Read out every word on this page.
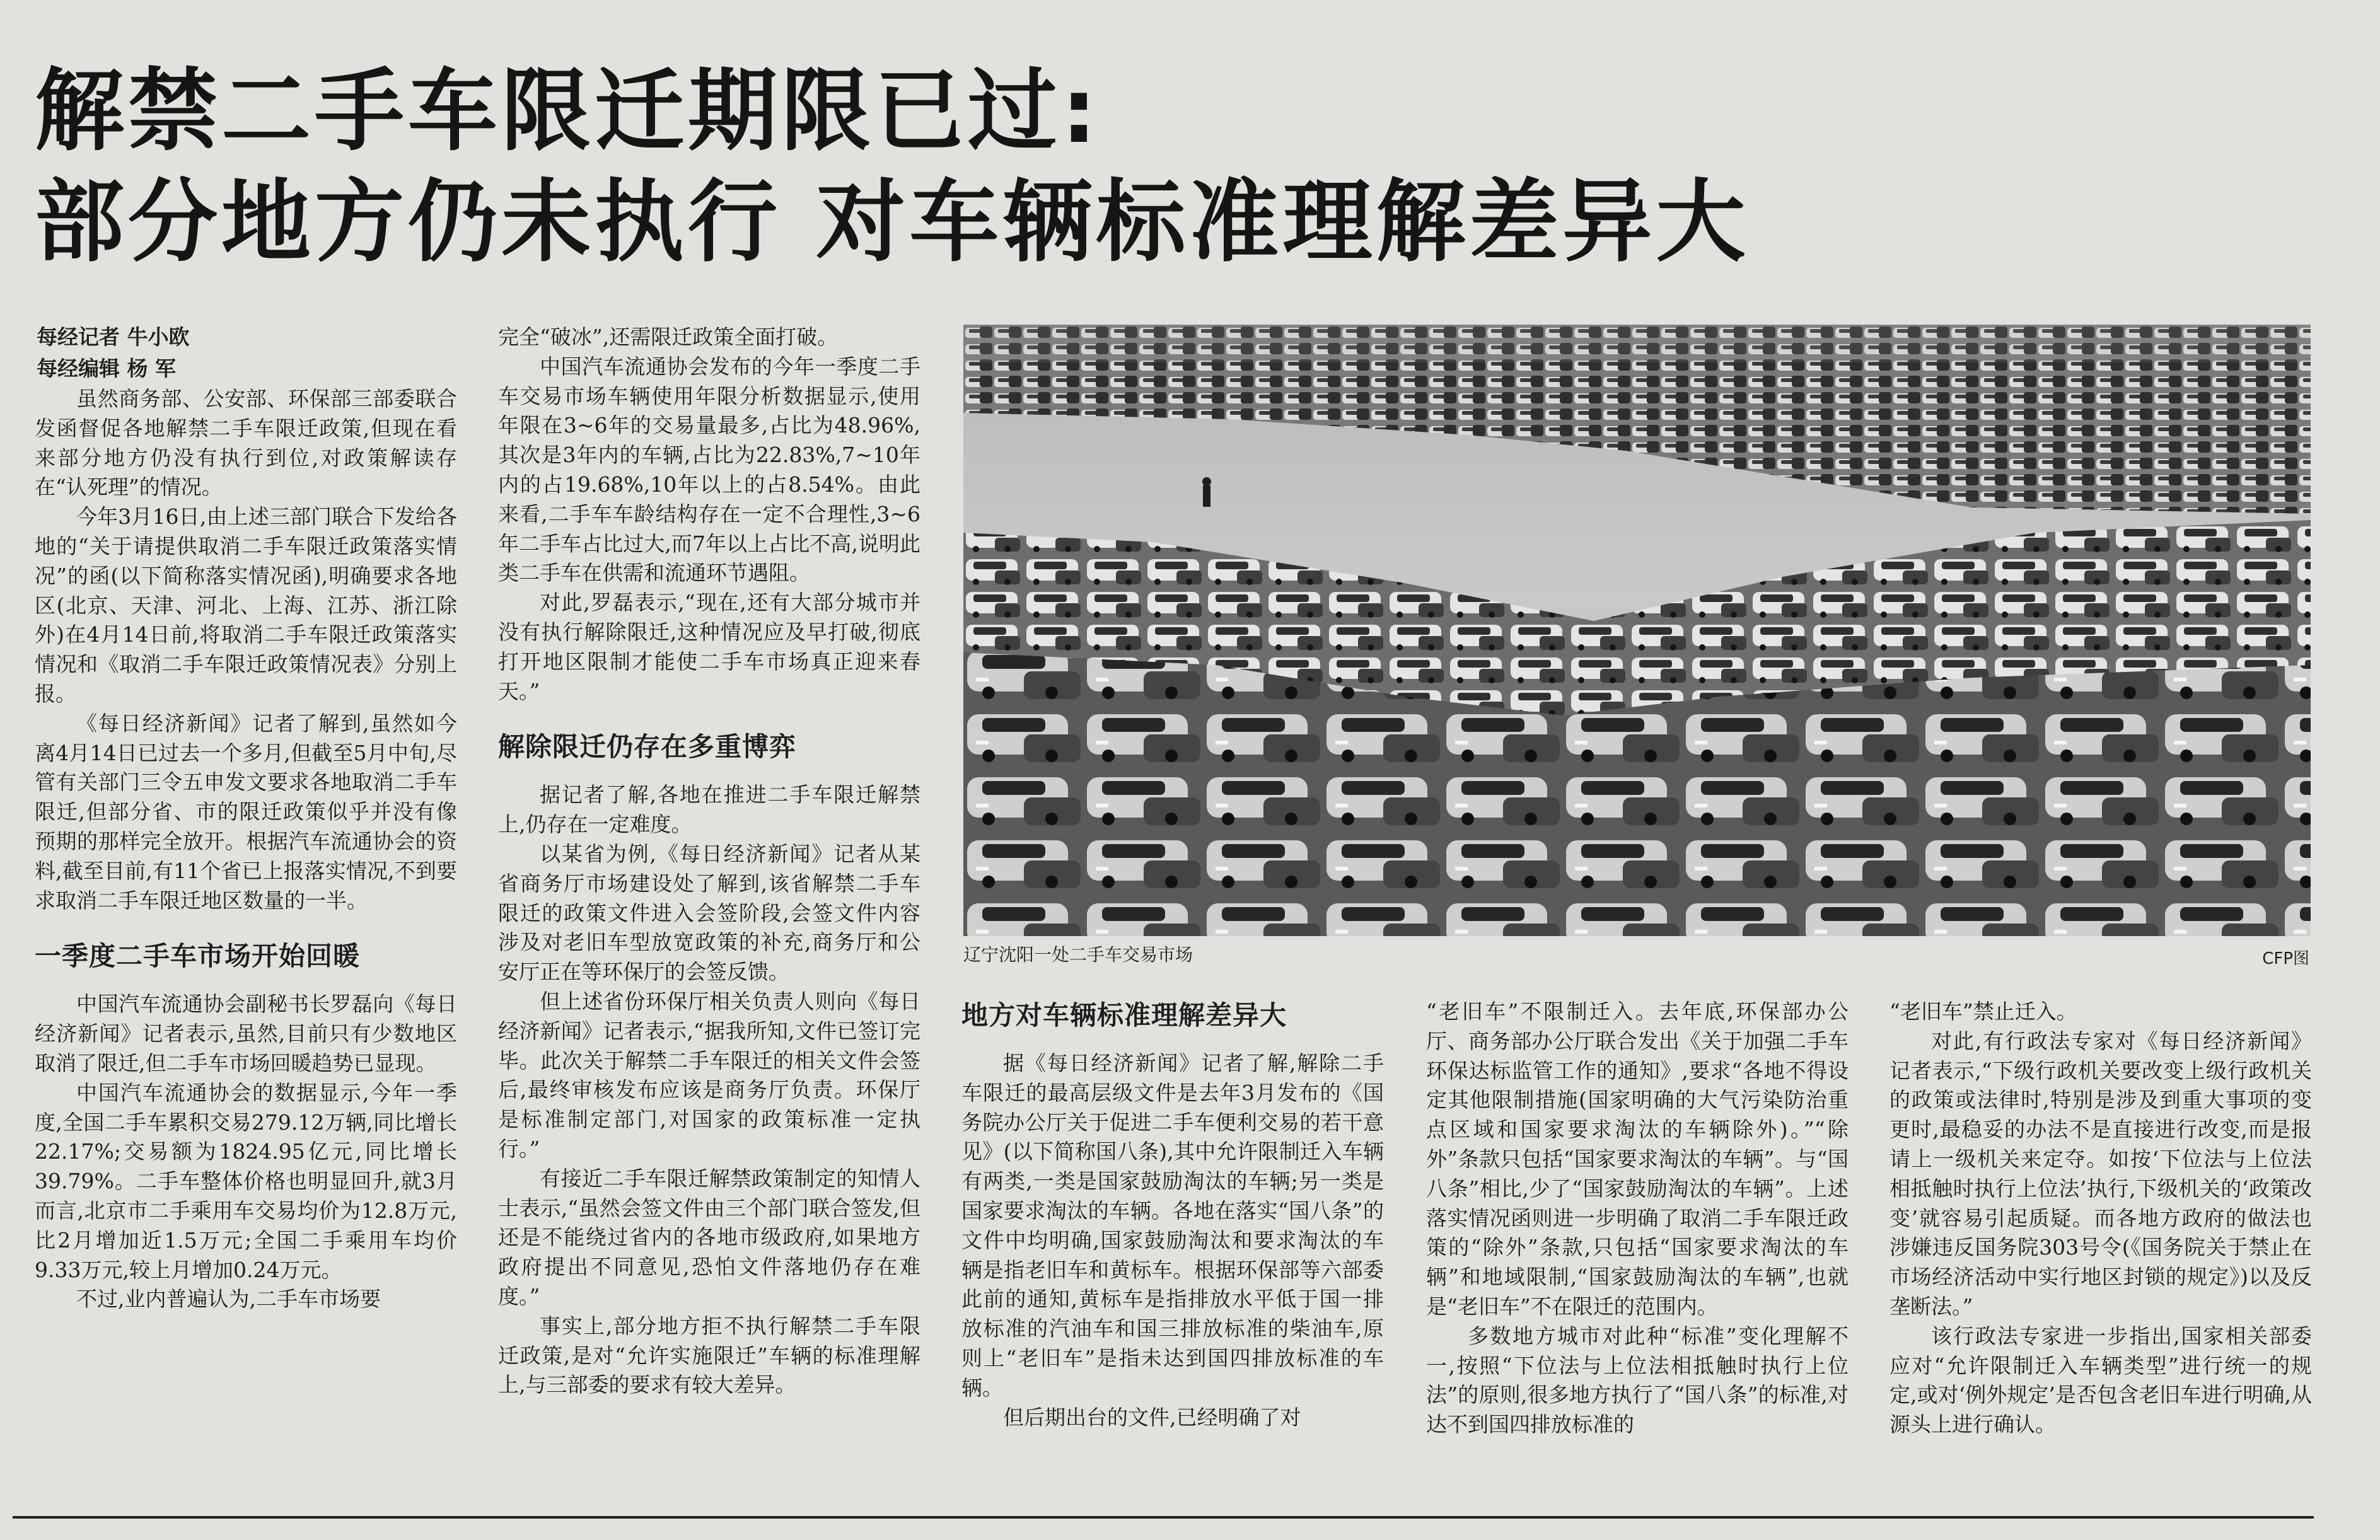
解禁二手车限迁期限已过:
部分地方仍未执行 对车辆标准理解差异大
每经记者 牛小欧
每经编辑 杨 军

虽然商务部、公安部、环保部三部委联合发函督促各地解禁二手车限迁政策,但现在看来部分地方仍没有执行到位,对政策解读存在“认死理”的情况。

今年3月16日,由上述三部门联合下发给各地的“关于请提供取消二手车限迁政策落实情况”的函(以下简称落实情况函),明确要求各地区(北京、天津、河北、上海、江苏、浙江除外)在4月14日前,将取消二手车限迁政策落实情况和《取消二手车限迁政策情况表》分别上报。

《每日经济新闻》记者了解到,虽然如今离4月14日已过去一个多月,但截至5月中旬,尽管有关部门三令五申发文要求各地取消二手车限迁,但部分省、市的限迁政策似乎并没有像预期的那样完全放开。根据汽车流通协会的资料,截至目前,有11个省已上报落实情况,不到要求取消二手车限迁地区数量的一半。

一季度二手车市场开始回暖

中国汽车流通协会副秘书长罗磊向《每日经济新闻》记者表示,虽然,目前只有少数地区取消了限迁,但二手车市场回暖趋势已显现。

中国汽车流通协会的数据显示,今年一季度,全国二手车累积交易279.12万辆,同比增长22.17%;交易额为1824.95亿元,同比增长39.79%。二手车整体价格也明显回升,就3月而言,北京市二手乘用车交易均价为12.8万元,比2月增加近1.5万元;全国二手乘用车均价9.33万元,较上月增加0.24万元。

不过,业内普遍认为,二手车市场要

完全“破冰”,还需限迁政策全面打破。

中国汽车流通协会发布的今年一季度二手车交易市场车辆使用年限分析数据显示,使用年限在3~6年的交易量最多,占比为48.96%,其次是3年内的车辆,占比为22.83%,7~10年内的占19.68%,10年以上的占8.54%。由此来看,二手车车龄结构存在一定不合理性,3~6年二手车占比过大,而7年以上占比不高,说明此类二手车在供需和流通环节遇阻。

对此,罗磊表示,“现在,还有大部分城市并没有执行解除限迁,这种情况应及早打破,彻底打开地区限制才能使二手车市场真正迎来春天。”

解除限迁仍存在多重博弈

据记者了解,各地在推进二手车限迁解禁上,仍存在一定难度。

以某省为例,《每日经济新闻》记者从某省商务厅市场建设处了解到,该省解禁二手车限迁的政策文件进入会签阶段,会签文件内容涉及对老旧车型放宽政策的补充,商务厅和公安厅正在等环保厅的会签反馈。

但上述省份环保厅相关负责人则向《每日经济新闻》记者表示,“据我所知,文件已签订完毕。此次关于解禁二手车限迁的相关文件会签后,最终审核发布应该是商务厅负责。环保厅是标准制定部门,对国家的政策标准一定执行。”

有接近二手车限迁解禁政策制定的知情人士表示,“虽然会签文件由三个部门联合签发,但还是不能绕过省内的各地市级政府,如果地方政府提出不同意见,恐怕文件落地仍存在难度。”

事实上,部分地方拒不执行解禁二手车限迁政策,是对“允许实施限迁”车辆的标准理解上,与三部委的要求有较大差异。

辽宁沈阳一处二手车交易市场	CFP图
地方对车辆标准理解差异大

据《每日经济新闻》记者了解,解除二手车限迁的最高层级文件是去年3月发布的《国务院办公厅关于促进二手车便利交易的若干意见》(以下简称国八条),其中允许限制迁入车辆有两类,一类是国家鼓励淘汰的车辆;另一类是国家要求淘汰的车辆。各地在落实“国八条”的文件中均明确,国家鼓励淘汰和要求淘汰的车辆是指老旧车和黄标车。根据环保部等六部委此前的通知,黄标车是指排放水平低于国一排放标准的汽油车和国三排放标准的柴油车,原则上“老旧车”是指未达到国四排放标准的车辆。

但后期出台的文件,已经明确了对

“老旧车”不限制迁入。去年底,环保部办公厅、商务部办公厅联合发出《关于加强二手车环保达标监管工作的通知》,要求“各地不得设定其他限制措施(国家明确的大气污染防治重点区域和国家要求淘汰的车辆除外)。”“除外”条款只包括“国家要求淘汰的车辆”。与“国八条”相比,少了“国家鼓励淘汰的车辆”。上述落实情况函则进一步明确了取消二手车限迁政策的“除外”条款,只包括“国家要求淘汰的车辆”和地域限制,“国家鼓励淘汰的车辆”,也就是“老旧车”不在限迁的范围内。

多数地方城市对此种“标准”变化理解不一,按照“下位法与上位法相抵触时执行上位法”的原则,很多地方执行了“国八条”的标准,对达不到国四排放标准的

“老旧车”禁止迁入。

对此,有行政法专家对《每日经济新闻》记者表示,“下级行政机关要改变上级行政机关的政策或法律时,特别是涉及到重大事项的变更时,最稳妥的办法不是直接进行改变,而是报请上一级机关来定夺。如按‘下位法与上位法相抵触时执行上位法’执行,下级机关的‘政策改变’就容易引起质疑。而各地方政府的做法也涉嫌违反国务院303号令(《国务院关于禁止在市场经济活动中实行地区封锁的规定》)以及反垄断法。”

该行政法专家进一步指出,国家相关部委应对“允许限制迁入车辆类型”进行统一的规定,或对‘例外规定’是否包含老旧车进行明确,从源头上进行确认。
